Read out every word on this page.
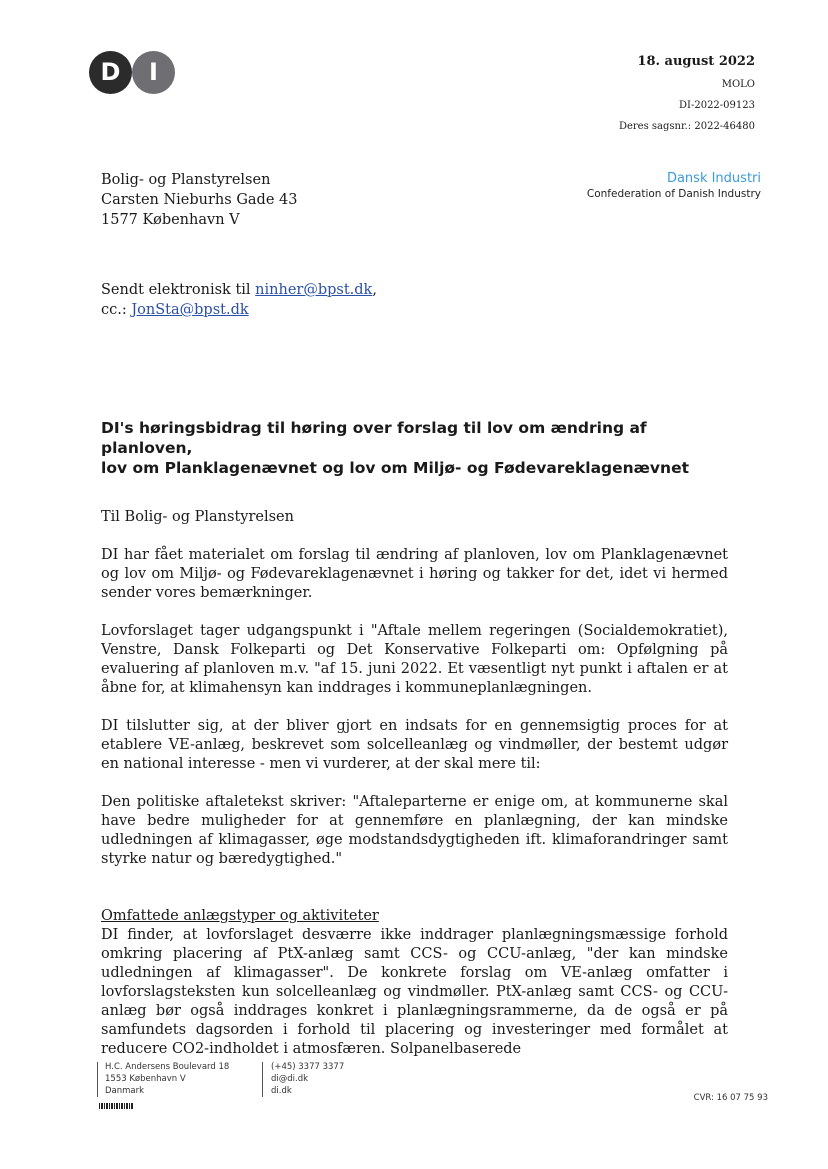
D	I	18. august 2022
MOLO
DI-2022-09123
Deres sagsnr.: 2022-46480
Dansk Industri
Confederation of Danish Industry
Bolig- og Planstyrelsen
Carsten Nieburhs Gade 43
1577 København V
Sendt elektronisk til ninher@bpst.dk,
cc.: JonSta@bpst.dk
DI's høringsbidrag til høring over forslag til lov om ændring af planloven,
lov om Planklagenævnet og lov om Miljø- og Fødevareklagenævnet

Til Bolig- og Planstyrelsen

DI har fået materialet om forslag til ændring af planloven, lov om Planklagenævnet og lov om Miljø- og Fødevareklagenævnet i høring og takker for det, idet vi hermed sender vores bemærkninger.

Lovforslaget tager udgangspunkt i "Aftale mellem regeringen (Socialdemokratiet), Venstre, Dansk Folkeparti og Det Konservative Folkeparti om: Opfølgning på evaluering af planloven m.v. "af 15. juni 2022. Et væsentligt nyt punkt i aftalen er at åbne for, at klimahensyn kan inddrages i kommuneplanlægningen.

DI tilslutter sig, at der bliver gjort en indsats for en gennemsigtig proces for at etablere VE-anlæg, beskrevet som solcelleanlæg og vindmøller, der bestemt udgør en national interesse - men vi vurderer, at der skal mere til:

Den politiske aftaletekst skriver: "Aftaleparterne er enige om, at kommunerne skal have bedre muligheder for at gennemføre en planlægning, der kan mindske udledningen af klimagasser, øge modstandsdygtigheden ift. klimaforandringer samt styrke natur og bæredygtighed."

Omfattede anlægstyper og aktiviteter

DI finder, at lovforslaget desværre ikke inddrager planlægningsmæssige forhold omkring placering af PtX-anlæg samt CCS- og CCU-anlæg, "der kan mindske udledningen af klimagasser". De konkrete forslag om VE-anlæg omfatter i lovforslagsteksten kun solcelleanlæg og vindmøller. PtX-anlæg samt CCS- og CCU-anlæg bør også inddrages konkret i planlægningsrammerne, da de også er på samfundets dagsorden i forhold til placering og investeringer med formålet at reducere CO2-indholdet i atmosfæren. Solpanelbaserede

H.C. Andersens Boulevard 18
1553 København V
Danmark
(+45) 3377 3377
di@di.dk
di.dk
CVR: 16 07 75 93
